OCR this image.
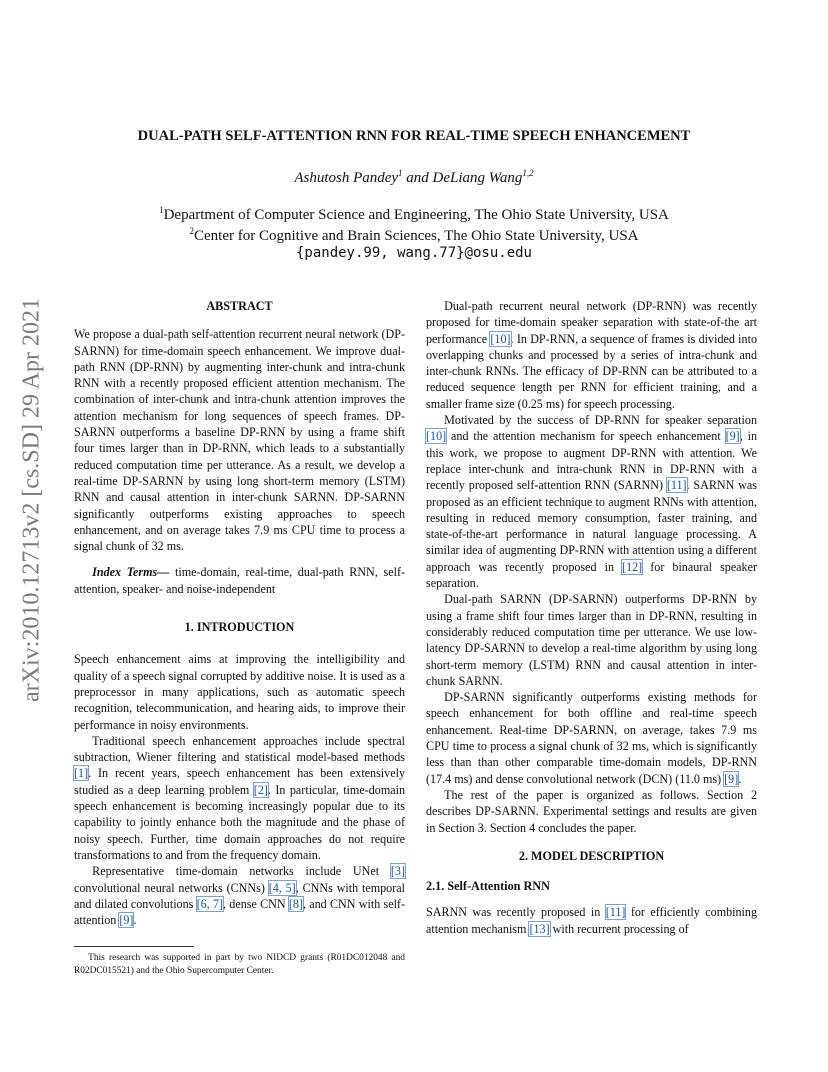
arXiv:2010.12713v2 [cs.SD] 29 Apr 2021
DUAL-PATH SELF-ATTENTION RNN FOR REAL-TIME SPEECH ENHANCEMENT
Ashutosh Pandey$^1$ and DeLiang Wang$^{1,2}$
$^1$Department of Computer Science and Engineering, The Ohio State University, USA
$^2$Center for Cognitive and Brain Sciences, The Ohio State University, USA
{pandey.99, wang.77}@osu.edu
ABSTRACT

We propose a dual-path self-attention recurrent neural network (DP-SARNN) for time-domain speech enhancement. We improve dual-path RNN (DP-RNN) by augmenting inter-chunk and intra-chunk RNN with a recently proposed efficient attention mechanism. The combination of inter-chunk and intra-chunk attention improves the attention mechanism for long sequences of speech frames. DP-SARNN outperforms a baseline DP-RNN by using a frame shift four times larger than in DP-RNN, which leads to a substantially reduced computation time per utterance. As a result, we develop a real-time DP-SARNN by using long short-term memory (LSTM) RNN and causal attention in inter-chunk SARNN. DP-SARNN significantly outperforms existing approaches to speech enhancement, and on average takes 7.9 ms CPU time to process a signal chunk of 32 ms.

Index Terms— time-domain, real-time, dual-path RNN, self-attention, speaker- and noise-independent

1. INTRODUCTION

Speech enhancement aims at improving the intelligibility and quality of a speech signal corrupted by additive noise. It is used as a preprocessor in many applications, such as automatic speech recognition, telecommunication, and hearing aids, to improve their performance in noisy environments.

Traditional speech enhancement approaches include spectral subtraction, Wiener filtering and statistical model-based methods [1]. In recent years, speech enhancement has been extensively studied as a deep learning problem [2]. In particular, time-domain speech enhancement is becoming increasingly popular due to its capability to jointly enhance both the magnitude and the phase of noisy speech. Further, time domain approaches do not require transformations to and from the frequency domain.

Representative time-domain networks include UNet [3] convolutional neural networks (CNNs) [4, 5], CNNs with temporal and dilated convolutions [6, 7], dense CNN [8], and CNN with self-attention [9].

This research was supported in part by two NIDCD grants (R01DC012048 and R02DC015521) and the Ohio Supercomputer Center.

Dual-path recurrent neural network (DP-RNN) was recently proposed for time-domain speaker separation with state-of-the art performance [10]. In DP-RNN, a sequence of frames is divided into overlapping chunks and processed by a series of intra-chunk and inter-chunk RNNs. The efficacy of DP-RNN can be attributed to a reduced sequence length per RNN for efficient training, and a smaller frame size (0.25 ms) for speech processing.

Motivated by the success of DP-RNN for speaker separation [10] and the attention mechanism for speech enhancement [9], in this work, we propose to augment DP-RNN with attention. We replace inter-chunk and intra-chunk RNN in DP-RNN with a recently proposed self-attention RNN (SARNN) [11]. SARNN was proposed as an efficient technique to augment RNNs with attention, resulting in reduced memory consumption, faster training, and state-of-the-art performance in natural language processing. A similar idea of augmenting DP-RNN with attention using a different approach was recently proposed in [12] for binaural speaker separation.

Dual-path SARNN (DP-SARNN) outperforms DP-RNN by using a frame shift four times larger than in DP-RNN, resulting in considerably reduced computation time per utterance. We use low-latency DP-SARNN to develop a real-time algorithm by using long short-term memory (LSTM) RNN and causal attention in inter-chunk SARNN.

DP-SARNN significantly outperforms existing methods for speech enhancement for both offline and real-time speech enhancement. Real-time DP-SARNN, on average, takes 7.9 ms CPU time to process a signal chunk of 32 ms, which is significantly less than than other comparable time-domain models, DP-RNN (17.4 ms) and dense convolutional network (DCN) (11.0 ms) [9].

The rest of the paper is organized as follows. Section 2 describes DP-SARNN. Experimental settings and results are given in Section 3. Section 4 concludes the paper.

2. MODEL DESCRIPTION
2.1. Self-Attention RNN

SARNN was recently proposed in [11] for efficiently combining attention mechanism [13] with recurrent processing of
